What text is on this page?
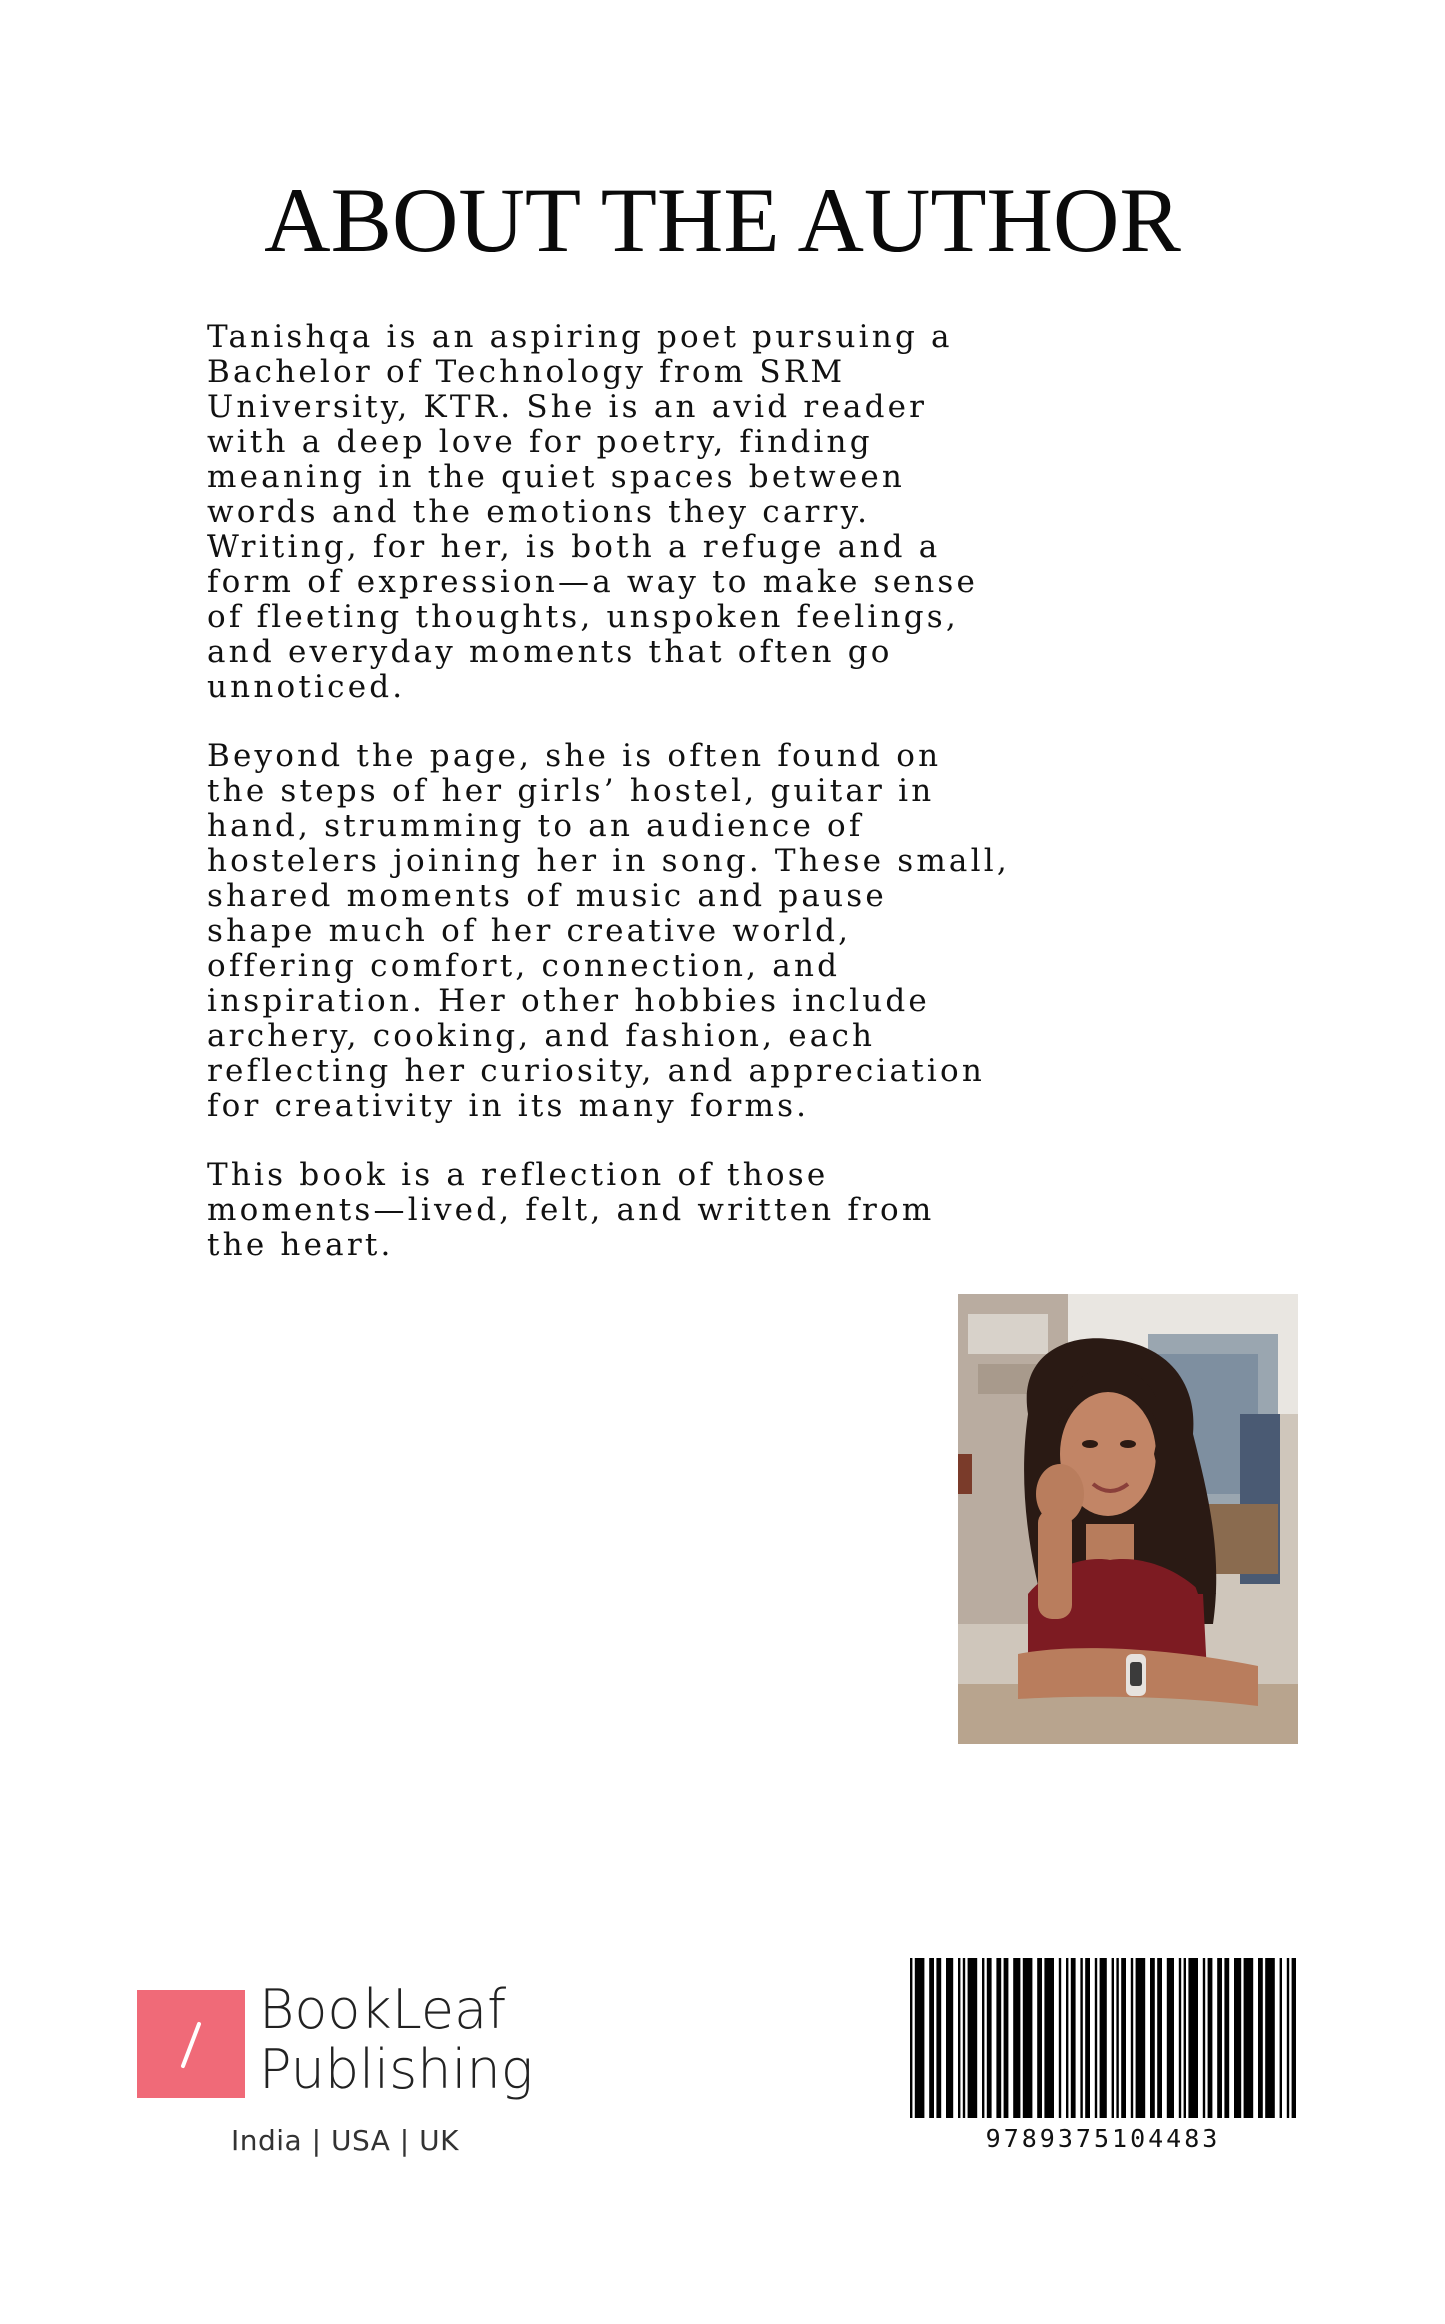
ABOUT THE AUTHOR

Tanishqa is an aspiring poet pursuing a
Bachelor of Technology from SRM
University, KTR. She is an avid reader
with a deep love for poetry, finding
meaning in the quiet spaces between
words and the emotions they carry.
Writing, for her, is both a refuge and a
form of expression—a way to make sense
of fleeting thoughts, unspoken feelings,
and everyday moments that often go
unnoticed.

Beyond the page, she is often found on
the steps of her girls’ hostel, guitar in
hand, strumming to an audience of
hostelers joining her in song. These small,
shared moments of music and pause
shape much of her creative world,
offering comfort, connection, and
inspiration. Her other hobbies include
archery, cooking, and fashion, each
reflecting her curiosity, and appreciation
for creativity in its many forms.

This book is a reflection of those
moments—lived, felt, and written from
the heart.

BookLeaf
Publishing
India | USA | UK	9789375104483
